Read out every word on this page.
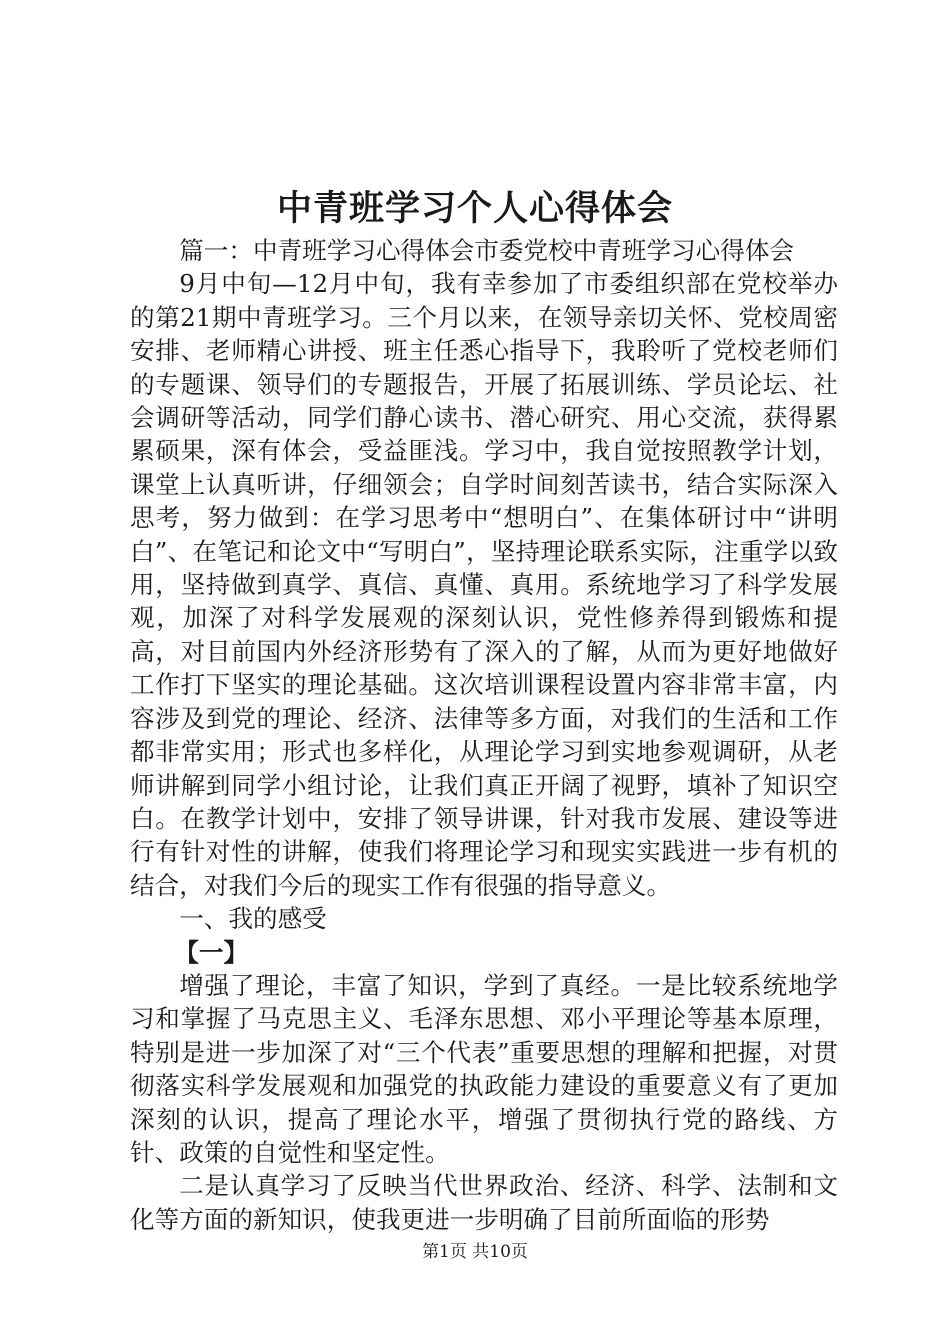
中青班学习个人心得体会

篇一：中青班学习心得体会市委党校中青班学习心得体会

9月中旬—12月中旬，我有幸参加了市委组织部在党校举办的第21期中青班学习。三个月以来，在领导亲切关怀、党校周密安排、老师精心讲授、班主任悉心指导下，我聆听了党校老师们的专题课、领导们的专题报告，开展了拓展训练、学员论坛、社会调研等活动，同学们静心读书、潜心研究、用心交流，获得累累硕果，深有体会，受益匪浅。学习中，我自觉按照教学计划，课堂上认真听讲，仔细领会；自学时间刻苦读书，结合实际深入思考，努力做到：在学习思考中“想明白”、在集体研讨中“讲明白”、在笔记和论文中“写明白”，坚持理论联系实际，注重学以致用，坚持做到真学、真信、真懂、真用。系统地学习了科学发展观，加深了对科学发展观的深刻认识，党性修养得到锻炼和提高，对目前国内外经济形势有了深入的了解，从而为更好地做好工作打下坚实的理论基础。这次培训课程设置内容非常丰富，内容涉及到党的理论、经济、法律等多方面，对我们的生活和工作都非常实用；形式也多样化，从理论学习到实地参观调研，从老师讲解到同学小组讨论，让我们真正开阔了视野，填补了知识空白。在教学计划中，安排了领导讲课，针对我市发展、建设等进行有针对性的讲解，使我们将理论学习和现实实践进一步有机的结合，对我们今后的现实工作有很强的指导意义。

一、我的感受

【一】

增强了理论，丰富了知识，学到了真经。一是比较系统地学习和掌握了马克思主义、毛泽东思想、邓小平理论等基本原理，特别是进一步加深了对“三个代表”重要思想的理解和把握，对贯彻落实科学发展观和加强党的执政能力建设的重要意义有了更加深刻的认识，提高了理论水平，增强了贯彻执行党的路线、方针、政策的自觉性和坚定性。

二是认真学习了反映当代世界政治、经济、科学、法制和文化等方面的新知识，使我更进一步明确了目前所面临的形势

第1页 共10页
